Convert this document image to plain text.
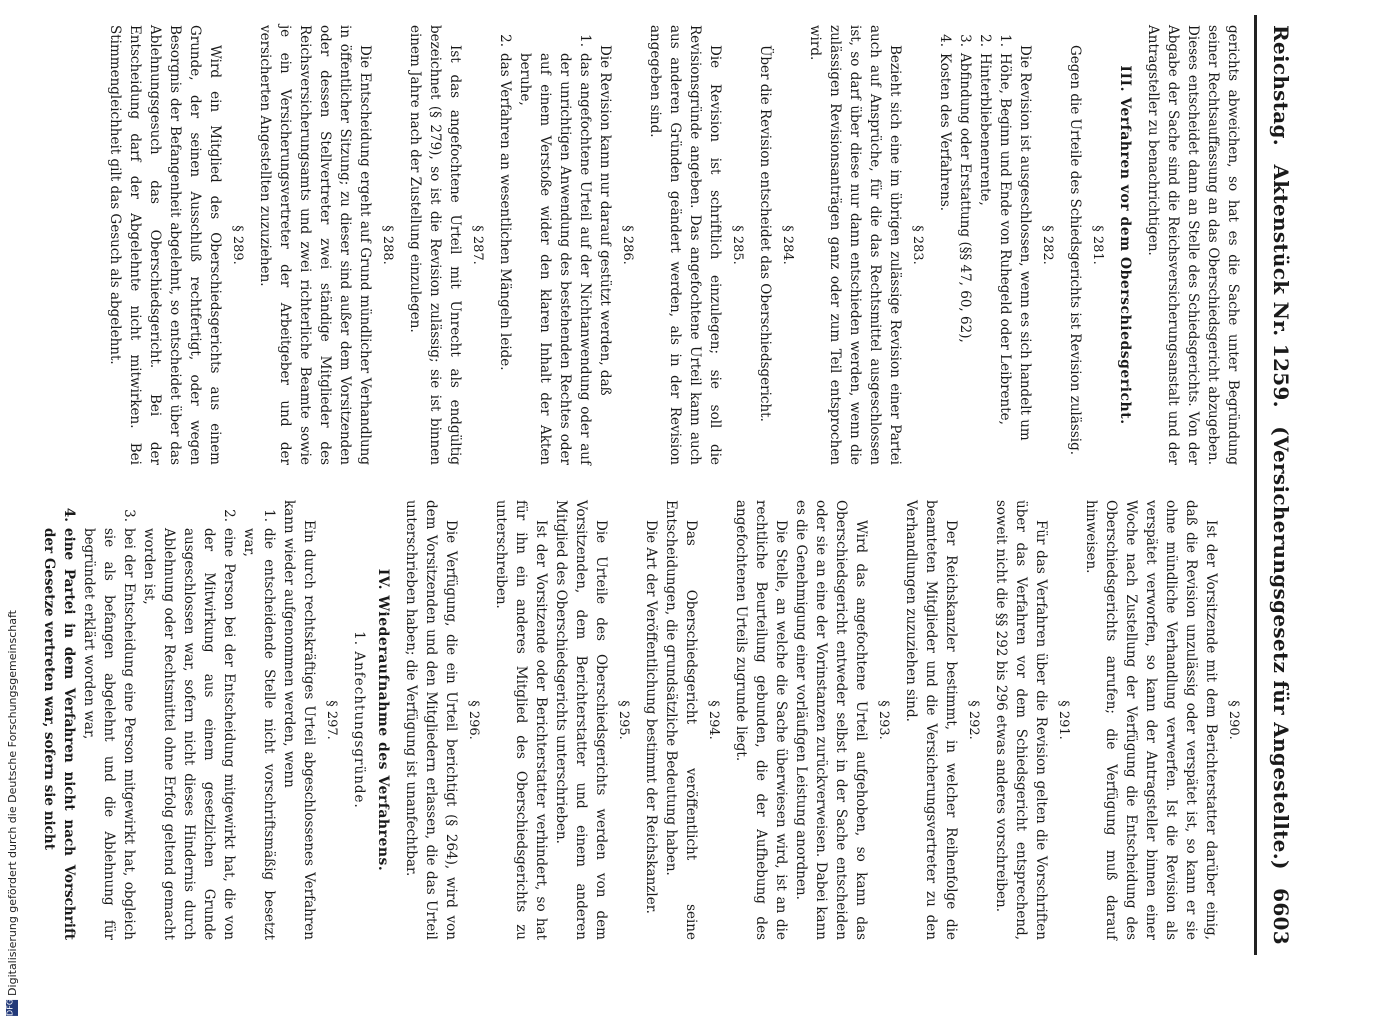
Reichstag.
Aktenstück Nr. 1259.
(Versicherungsgesetz für Angestellte.)
6603

gerichts abweichen, so hat es die Sache unter Begründung seiner Rechtsauffassung an das Oberschiedsgericht abzugeben. Dieses entscheidet dann an Stelle des Schiedsgerichts. Von der Abgabe der Sache sind die Reichsversicherungsanstalt und der Antragsteller zu benachrichtigen.

III. Verfahren vor dem Oberschiedsgericht.
§ 281.

Gegen die Urteile des Schiedsgerichts ist Revision zulässig.

§ 282.

Die Revision ist ausgeschlossen, wenn es sich handelt um

1.
Höhe, Beginn und Ende von Ruhegeld oder Leibrente,
2.
Hinterbliebenenrente,
3.
Abfindung oder Erstattung (§§ 47, 60, 62),
4.
Kosten des Verfahrens.
§ 283.

Bezieht sich eine im übrigen zulässige Revision einer Partei auch auf Ansprüche, für die das Rechtsmittel ausgeschlossen ist, so darf über diese nur dann entschieden werden, wenn die zulässigen Revisionsanträgen ganz oder zum Teil entsprochen wird.

§ 284.

Über die Revision entscheidet das Oberschiedsgericht.

§ 285.

Die Revision ist schriftlich einzulegen; sie soll die Revisionsgründe angeben. Das angefochtene Urteil kann auch aus anderen Gründen geändert werden, als in der Revision angegeben sind.

§ 286.

Die Revision kann nur darauf gestützt werden, daß

1.
das angefochtene Urteil auf der Nichtanwendung oder auf der unrichtigen Anwendung des bestehenden Rechtes oder auf einem Verstoße wider den klaren Inhalt der Akten beruhe,
2.
das Verfahren an wesentlichen Mängeln leide.
§ 287.

Ist das angefochtene Urteil mit Unrecht als endgültig bezeichnet (§ 279), so ist die Revision zulässig; sie ist binnen einem Jahre nach der Zustellung einzulegen.

§ 288.

Die Entscheidung ergeht auf Grund mündlicher Verhandlung in öffentlicher Sitzung; zu dieser sind außer dem Vorsitzenden oder dessen Stellvertreter zwei ständige Mitglieder des Reichsversicherungsamts und zwei richterliche Beamte sowie je ein Versicherungsvertreter der Arbeitgeber und der versicherten Angestellten zuzuziehen.

§ 289.

Wird ein Mitglied des Oberschiedsgerichts aus einem Grunde, der seinen Ausschluß rechtfertigt, oder wegen Besorgnis der Befangenheit abgelehnt, so entscheidet über das Ablehnungsgesuch das Oberschiedsgericht. Bei der Entscheidung darf der Abgelehnte nicht mitwirken. Bei Stimmengleichheit gilt das Gesuch als abgelehnt.

§ 290.

Ist der Vorsitzende mit dem Berichterstatter darüber einig, daß die Revision unzulässig oder verspätet ist, so kann er sie ohne mündliche Verhandlung verwerfen. Ist die Revision als verspätet verworfen, so kann der Antragsteller binnen einer Woche nach Zustellung der Verfügung die Entscheidung des Oberschiedsgerichts anrufen; die Verfügung muß darauf hinweisen.

§ 291.

Für das Verfahren über die Revision gelten die Vorschriften über das Verfahren vor dem Schiedsgericht entsprechend, soweit nicht die §§ 292 bis 296 etwas anderes vorschreiben.

§ 292.

Der Reichskanzler bestimmt, in welcher Reihenfolge die beamteten Mitglieder und die Versicherungsvertreter zu den Verhandlungen zuzuziehen sind.

§ 293.

Wird das angefochtene Urteil aufgehoben, so kann das Oberschiedsgericht entweder selbst in der Sache entscheiden oder sie an eine der Vorinstanzen zurückverweisen. Dabei kann es die Genehmigung einer vorläufigen Leistung anordnen.

Die Stelle, an welche die Sache überwiesen wird, ist an die rechtliche Beurteilung gebunden, die der Aufhebung des angefochtenen Urteils zugrunde liegt.

§ 294.

Das Oberschiedsgericht veröffentlicht seine Entscheidungen, die grundsätzliche Bedeutung haben.

Die Art der Veröffentlichung bestimmt der Reichskanzler.

§ 295.

Die Urteile des Oberschiedsgerichts werden von dem Vorsitzenden, dem Berichterstatter und einem anderen Mitglied des Oberschiedsgerichts unterschrieben.

Ist der Vorsitzende oder Berichterstatter verhindert, so hat für ihn ein anderes Mitglied des Oberschiedsgerichts zu unterschreiben.

§ 296.

Die Verfügung, die ein Urteil berichtigt (§ 264), wird von dem Vorsitzenden und den Mitgliedern erlassen, die das Urteil unterschrieben haben; die Verfügung ist unanfechtbar.

IV. Wiederaufnahme des Verfahrens.
1. Anfechtungsgründe.
§ 297.

Ein durch rechtskräftiges Urteil abgeschlossenes Verfahren kann wieder aufgenommen werden, wenn

1.
die entscheidende Stelle nicht vorschriftsmäßig besetzt war,
2.
eine Person bei der Entscheidung mitgewirkt hat, die von der Mitwirkung aus einem gesetzlichen Grunde ausgeschlossen war, sofern nicht dieses Hindernis durch Ablehnung oder Rechtsmittel ohne Erfolg geltend gemacht worden ist,
3.
bei der Entscheidung eine Person mitgewirkt hat, obgleich sie als befangen abgelehnt und die Ablehnung für begründet erklärt worden war,
4.
eine Partei in dem Verfahren nicht nach Vorschrift der Gesetze vertreten war, sofern sie nicht
DFG
Digitalisierung gefördert durch die Deutsche Forschungsgemeinschaft
